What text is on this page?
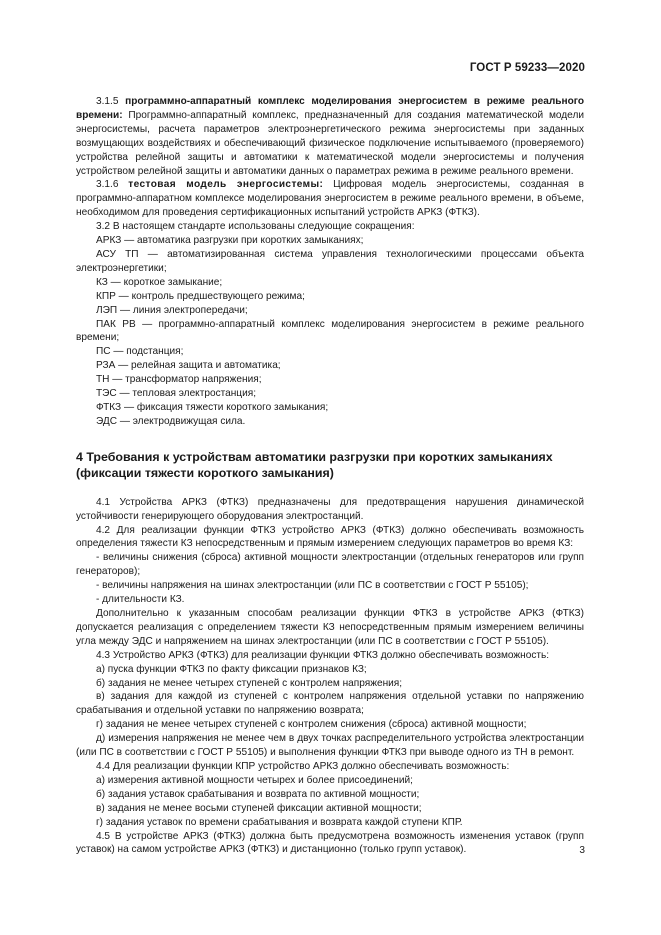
ГОСТ Р 59233—2020

3.1.5 программно-аппаратный комплекс моделирования энергосистем в режиме реального времени: Программно-аппаратный комплекс, предназначенный для создания математической модели энергосистемы, расчета параметров электроэнергетического режима энергосистемы при заданных возмущающих воздействиях и обеспечивающий физическое подключение испытываемого (проверяемого) устройства релейной защиты и автоматики к математической модели энергосистемы и получения устройством релейной защиты и автоматики данных о параметрах режима в режиме реального времени.

3.1.6 тестовая модель энергосистемы: Цифровая модель энергосистемы, созданная в программно-аппаратном комплексе моделирования энергосистем в режиме реального времени, в объеме, необходимом для проведения сертификационных испытаний устройств АРКЗ (ФТКЗ).

3.2 В настоящем стандарте использованы следующие сокращения:

АРКЗ — автоматика разгрузки при коротких замыканиях;

АСУ ТП — автоматизированная система управления технологическими процессами объекта электроэнергетики;

КЗ — короткое замыкание;

КПР — контроль предшествующего режима;

ЛЭП — линия электропередачи;

ПАК РВ — программно-аппаратный комплекс моделирования энергосистем в режиме реального времени;

ПС — подстанция;

РЗА — релейная защита и автоматика;

ТН — трансформатор напряжения;

ТЭС — тепловая электростанция;

ФТКЗ — фиксация тяжести короткого замыкания;

ЭДС — электродвижущая сила.

4 Требования к устройствам автоматики разгрузки при коротких замыканиях (фиксации тяжести короткого замыкания)

4.1 Устройства АРКЗ (ФТКЗ) предназначены для предотвращения нарушения динамической устойчивости генерирующего оборудования электростанций.

4.2 Для реализации функции ФТКЗ устройство АРКЗ (ФТКЗ) должно обеспечивать возможность определения тяжести КЗ непосредственным и прямым измерением следующих параметров во время КЗ:

- величины снижения (сброса) активной мощности электростанции (отдельных генераторов или групп генераторов);

- величины напряжения на шинах электростанции (или ПС в соответствии с ГОСТ Р 55105);

- длительности КЗ.

Дополнительно к указанным способам реализации функции ФТКЗ в устройстве АРКЗ (ФТКЗ) допускается реализация с определением тяжести КЗ непосредственным прямым измерением величины угла между ЭДС и напряжением на шинах электростанции (или ПС в соответствии с ГОСТ Р 55105).

4.3 Устройство АРКЗ (ФТКЗ) для реализации функции ФТКЗ должно обеспечивать возможность:

а) пуска функции ФТКЗ по факту фиксации признаков КЗ;

б) задания не менее четырех ступеней с контролем напряжения;

в) задания для каждой из ступеней с контролем напряжения отдельной уставки по напряжению срабатывания и отдельной уставки по напряжению возврата;

г) задания не менее четырех ступеней с контролем снижения (сброса) активной мощности;

д) измерения напряжения не менее чем в двух точках распределительного устройства электростанции (или ПС в соответствии с ГОСТ Р 55105) и выполнения функции ФТКЗ при выводе одного из ТН в ремонт.

4.4 Для реализации функции КПР устройство АРКЗ должно обеспечивать возможность:

а) измерения активной мощности четырех и более присоединений;

б) задания уставок срабатывания и возврата по активной мощности;

в) задания не менее восьми ступеней фиксации активной мощности;

г) задания уставок по времени срабатывания и возврата каждой ступени КПР.

4.5 В устройстве АРКЗ (ФТКЗ) должна быть предусмотрена возможность изменения уставок (групп уставок) на самом устройстве АРКЗ (ФТКЗ) и дистанционно (только групп уставок).	3
